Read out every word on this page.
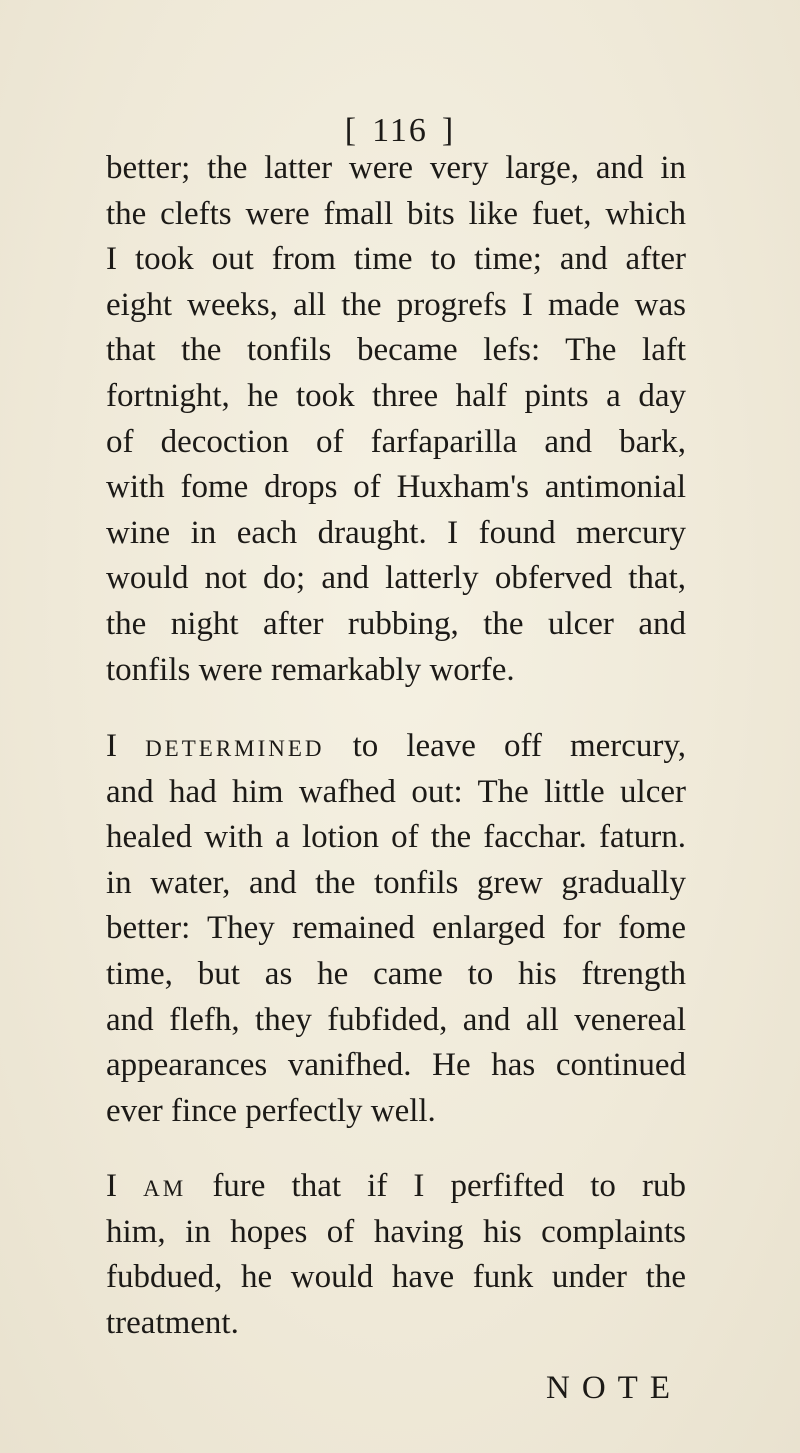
[ 116 ]
better; the latter were very large, and in
the clefts were fmall bits like fuet, which
I took out from time to time; and after
eight weeks, all the progrefs I made was
that the tonfils became lefs: The laft
fortnight, he took three half pints a day
of decoction of farfaparilla and bark,
with fome drops of Huxham's antimonial
wine in each draught. I found mercury
would not do; and latterly obferved that,
the night after rubbing, the ulcer and
tonfils were remarkably worfe.
I determined to leave off mercury,
and had him wafhed out: The little ulcer
healed with a lotion of the facchar. faturn.
in water, and the tonfils grew gradually
better: They remained enlarged for fome
time, but as he came to his ftrength
and flefh, they fubfided, and all venereal
appearances vanifhed. He has continued
ever fince perfectly well.
I am fure that if I perfifted to rub
him, in hopes of having his complaints
fubdued, he would have funk under the
treatment.
NOTE
